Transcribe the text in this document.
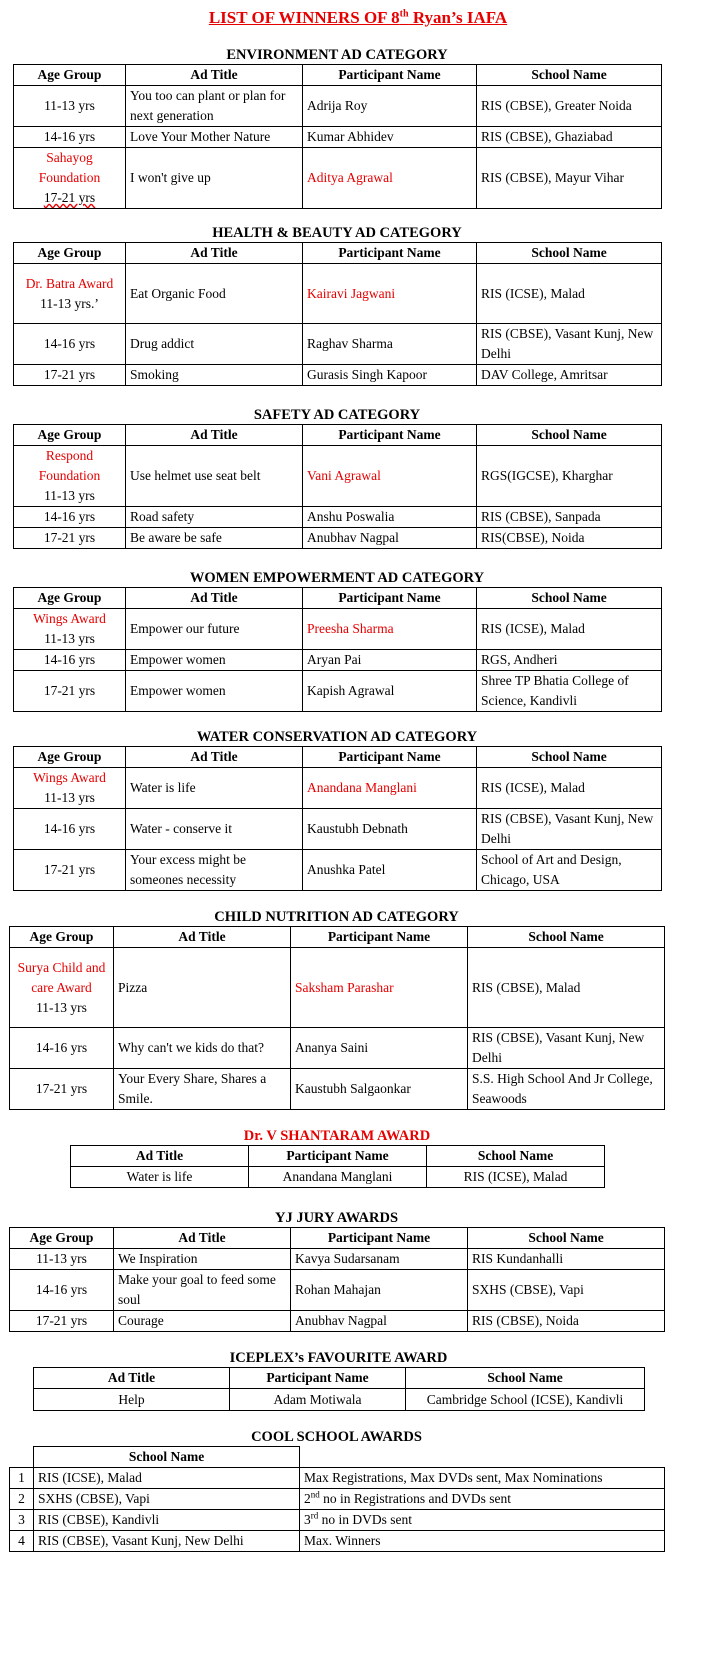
LIST OF WINNERS OF 8th Ryan’s IAFA
ENVIRONMENT AD CATEGORY
Age Group	Ad Title	Participant Name	School Name
11-13 yrs	You too can plant or plan for next generation	Adrija Roy	RIS (CBSE), Greater Noida
14-16 yrs	Love Your Mother Nature	Kumar Abhidev	RIS (CBSE), Ghaziabad

Sahayog Foundation
17-21 yrs	I won't give up	Aditya Agrawal	RIS (CBSE), Mayur Vihar
HEALTH & BEAUTY AD CATEGORY
Age Group	Ad Title	Participant Name	School Name

Dr. Batra Award
11-13 yrs.’	Eat Organic Food	Kairavi Jagwani	RIS (ICSE), Malad
14-16 yrs	Drug addict	Raghav Sharma	RIS (CBSE), Vasant Kunj, New Delhi
17-21 yrs	Smoking	Gurasis Singh Kapoor	DAV College, Amritsar
SAFETY AD CATEGORY
Age Group	Ad Title	Participant Name	School Name

Respond Foundation
11-13 yrs	Use helmet use seat belt	Vani Agrawal	RGS(IGCSE), Kharghar
14-16 yrs	Road safety	Anshu Poswalia	RIS (CBSE), Sanpada
17-21 yrs	Be aware be safe	Anubhav Nagpal	RIS(CBSE), Noida
WOMEN EMPOWERMENT AD CATEGORY
Age Group	Ad Title	Participant Name	School Name

Wings Award
11-13 yrs	Empower our future	Preesha Sharma	RIS (ICSE), Malad
14-16 yrs	Empower women	Aryan Pai	RGS, Andheri
17-21 yrs	Empower women	Kapish Agrawal	Shree TP Bhatia College of Science, Kandivli
WATER CONSERVATION AD CATEGORY
Age Group	Ad Title	Participant Name	School Name

Wings Award
11-13 yrs	Water is life	Anandana Manglani	RIS (ICSE), Malad
14-16 yrs	Water - conserve it	Kaustubh Debnath	RIS (CBSE), Vasant Kunj, New Delhi
17-21 yrs	Your excess might be someones necessity	Anushka Patel	School of Art and Design, Chicago, USA
CHILD NUTRITION AD CATEGORY
Age Group	Ad Title	Participant Name	School Name

Surya Child and care Award
11-13 yrs	Pizza	Saksham Parashar	RIS (CBSE), Malad
14-16 yrs	Why can't we kids do that?	Ananya Saini	RIS (CBSE), Vasant Kunj, New Delhi
17-21 yrs	Your Every Share, Shares a Smile.	Kaustubh Salgaonkar	S.S. High School And Jr College, Seawoods
Dr. V SHANTARAM AWARD
Ad Title	Participant Name	School Name
Water is life	Anandana Manglani	RIS (ICSE), Malad
YJ JURY AWARDS
Age Group	Ad Title	Participant Name	School Name
11-13 yrs	We Inspiration	Kavya Sudarsanam	RIS Kundanhalli
14-16 yrs	Make your goal to feed some soul	Rohan Mahajan	SXHS (CBSE), Vapi
17-21 yrs	Courage	Anubhav Nagpal	RIS (CBSE), Noida
ICEPLEX’s FAVOURITE AWARD
Ad Title	Participant Name	School Name
Help	Adam Motiwala	Cambridge School (ICSE), Kandivli
COOL SCHOOL AWARDS
	School Name	
1	RIS (ICSE), Malad	Max Registrations, Max DVDs sent, Max Nominations
2	SXHS (CBSE), Vapi	2nd no in Registrations and DVDs sent
3	RIS (CBSE), Kandivli	3rd no in DVDs sent
4	RIS (CBSE), Vasant Kunj, New Delhi	Max. Winners
